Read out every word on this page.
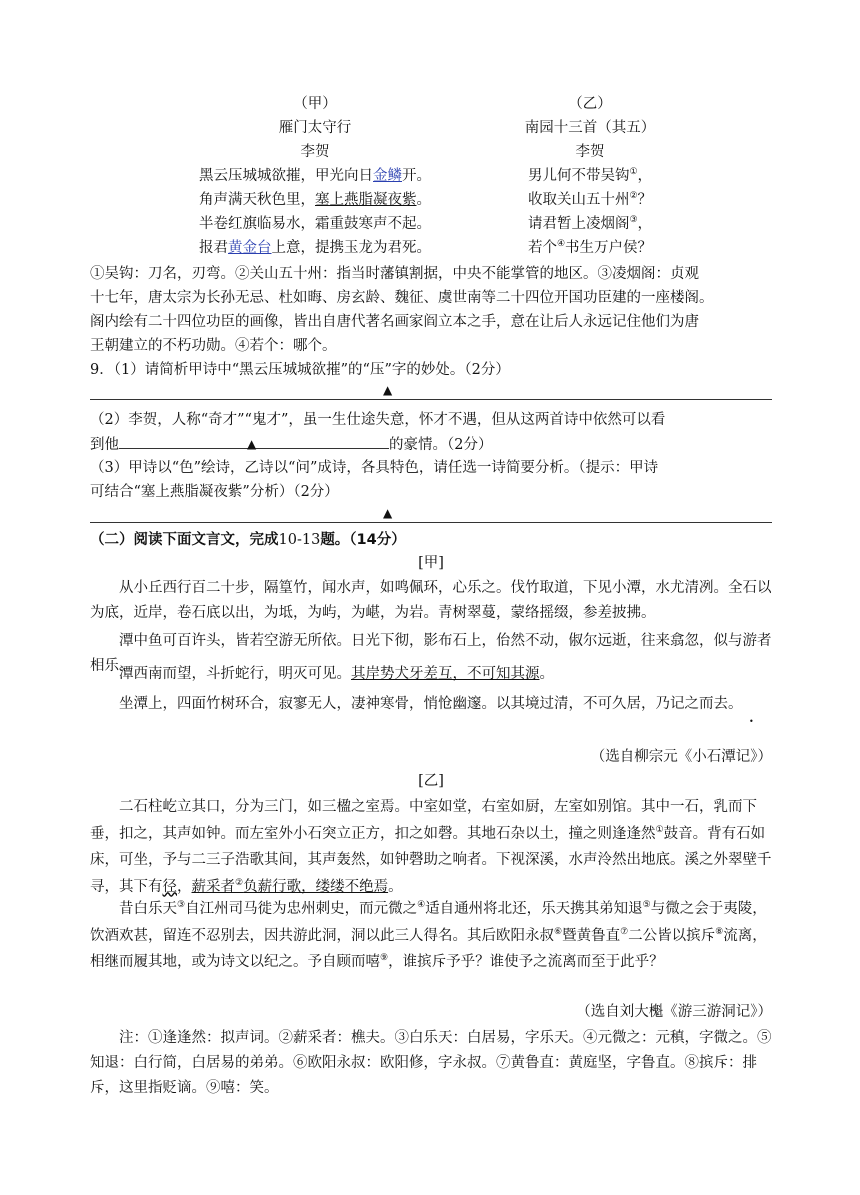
（甲）
雁门太守行
李贺
黑云压城城欲摧，甲光向日金鳞开。
角声满天秋色里，塞上燕脂凝夜紫。
半卷红旗临易水，霜重鼓寒声不起。
报君黄金台上意，提携玉龙为君死。
（乙）
南园十三首（其五）
李贺
男儿何不带吴钩①，
收取关山五十州②？
请君暂上凌烟阁③，
若个④书生万户侯？
①吴钩：刀名，刃弯。②关山五十州：指当时藩镇割据，中央不能掌管的地区。③凌烟阁：贞观
十七年，唐太宗为长孙无忌、杜如晦、房玄龄、魏征、虞世南等二十四位开国功臣建的一座楼阁。
阁内绘有二十四位功臣的画像，皆出自唐代著名画家阎立本之手，意在让后人永远记住他们为唐
王朝建立的不朽功勋。④若个：哪个。
9．（1）请简析甲诗中“黑云压城城欲摧”的“压”字的妙处。（2分）
▲
（2）李贺，人称“奇才”“鬼才”，虽一生仕途失意，怀才不遇，但从这两首诗中依然可以看
到他	▲	的豪情。（2分）
（3）甲诗以“色”绘诗，乙诗以“问”成诗，各具特色，请任选一诗简要分析。（提示：甲诗
可结合“塞上燕脂凝夜紫”分析）（2分）
▲
（二）阅读下面文言文，完成10-13题。（14分）
[甲]
从小丘西行百二十步，隔篁竹，闻水声，如鸣佩环，心乐之。伐竹取道，下见小潭，水尤清冽。全石以为底，近岸，卷石底以出，为坻，为屿，为嵁，为岩。青树翠蔓，蒙络摇缀，参差披拂。
潭中鱼可百许头，皆若空游无所依。日光下彻，影布石上，佁然不动，俶尔远逝，往来翕忽，似与游者相乐。
潭西南而望，斗折蛇行，明灭可见。其岸势犬牙差互，不可知其源。
坐潭上，四面竹树环合，寂寥无人，凄神寒骨，悄怆幽邃。以其境过清，不可久居，乃记之而去 •。
（选自柳宗元《小石潭记》）
[乙]
二石柱屹立其口，分为三门，如三楹之室焉。中室如堂，右室如厨，左室如别馆。其中一石，乳而下垂，扣之，其声如钟。而左室外小石突立正方，扣之如磬。其地石杂以土，撞之则逢逢然①鼓音。背有石如床，可坐，予与二三子浩歌其间，其声轰然，如钟磬助之响者。下视深溪，水声泠然出地底。溪之外翠壁千寻，其下有径，薪采者②负薪行歌，缕缕不绝焉。
昔白乐天③自江州司马徙为忠州刺史，而元微之④适自通州将北还，乐天携其弟知退⑤与微之会于夷陵，饮酒欢甚，留连不忍别去，因共游此洞，洞以此三人得名。其后欧阳永叔⑥暨黄鲁直⑦二公皆以摈斥⑧流离，相继而履其地，或为诗文以纪之。予自顾而嘻⑨，谁摈斥予乎？谁使予之流离而至于此乎？
（选自刘大櫆《游三游洞记》）
注：①逢逢然：拟声词。②薪采者：樵夫。③白乐天：白居易，字乐天。④元微之：元稹，字微之。⑤知退：白行简，白居易的弟弟。⑥欧阳永叔：欧阳修，字永叔。⑦黄鲁直：黄庭坚，字鲁直。⑧摈斥：排斥，这里指贬谪。⑨嘻：笑。
